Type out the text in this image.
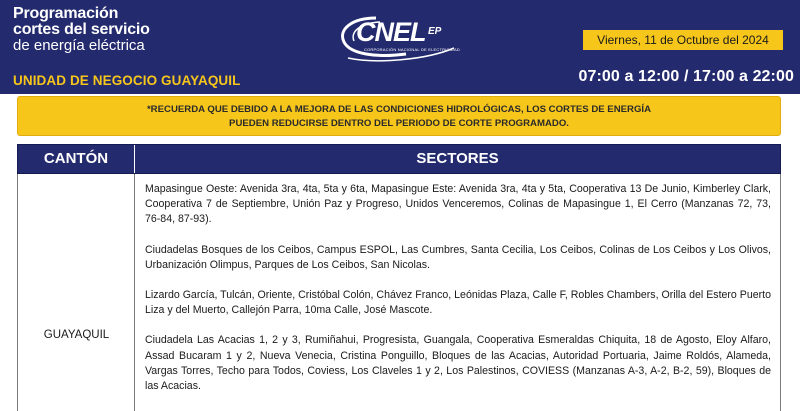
Programación
cortes del servicio
de energía eléctrica
UNIDAD DE NEGOCIO GUAYAQUIL
CNEL EP
CORPORACIÓN NACIONAL DE ELECTRICIDAD
Viernes, 11 de Octubre del 2024
07:00 a 12:00 / 17:00 a 22:00
*RECUERDA QUE DEBIDO A LA MEJORA DE LAS CONDICIONES HIDROLÓGICAS, LOS CORTES DE ENERGÍA
PUEDEN REDUCIRSE DENTRO DEL PERIODO DE CORTE PROGRAMADO.
CANTÓN	SECTORES
GUAYAQUIL

Mapasingue Oeste: Avenida 3ra, 4ta, 5ta y 6ta, Mapasingue Este: Avenida 3ra, 4ta y 5ta, Cooperativa 13 De Junio, Kimberley Clark, Cooperativa 7 de Septiembre, Unión Paz y Progreso, Unidos Venceremos, Colinas de Mapasingue 1, El Cerro (Manzanas 72, 73, 76-84, 87-93).

Ciudadelas Bosques de los Ceibos, Campus ESPOL, Las Cumbres, Santa Cecilia, Los Ceibos, Colinas de Los Ceibos y Los Olivos, Urbanización Olimpus, Parques de Los Ceibos, San Nicolas.

Lizardo García, Tulcán, Oriente, Cristóbal Colón, Chávez Franco, Leónidas Plaza, Calle F, Robles Chambers, Orilla del Estero Puerto Liza y del Muerto, Callejón Parra, 10ma Calle, José Mascote.

Ciudadela Las Acacias 1, 2 y 3, Rumiñahui, Progresista, Guangala, Cooperativa Esmeraldas Chiquita, 18 de Agosto, Eloy Alfaro, Assad Bucaram 1 y 2, Nueva Venecia, Cristina Ponguillo, Bloques de las Acacias, Autoridad Portuaria, Jaime Roldós, Alameda, Vargas Torres, Techo para Todos, Coviess, Los Claveles 1 y 2, Los Palestinos, COVIESS (Manzanas A-3, A-2, B-2, 59), Bloques de las Acacias.
